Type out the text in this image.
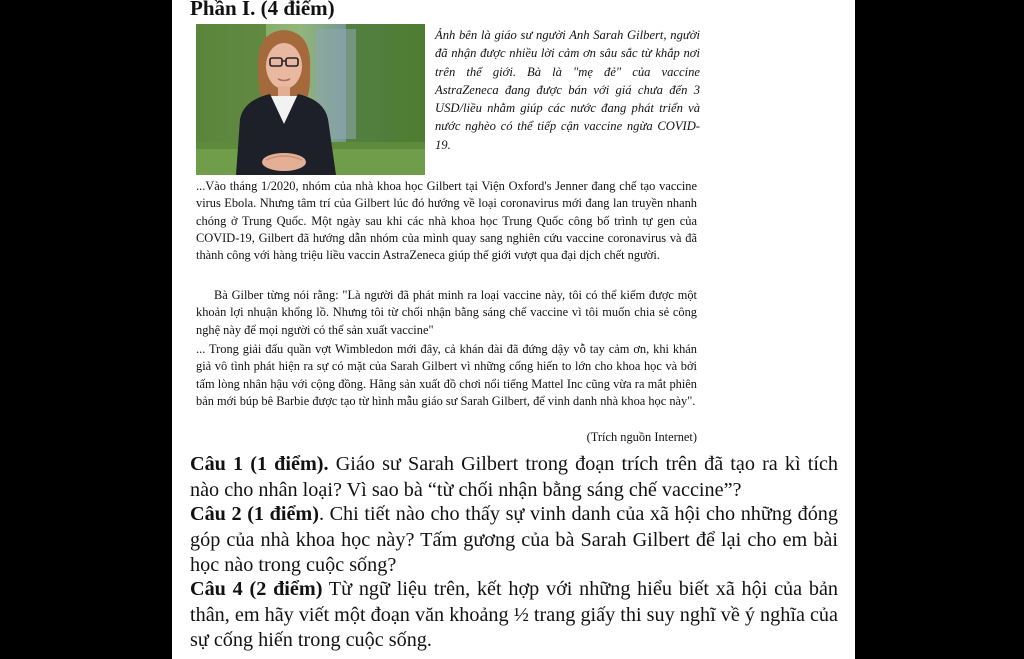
Phần I. (4 điểm)
Ảnh bên là giáo sư người Anh Sarah Gilbert, người đã nhận được nhiều lời cảm ơn sâu sắc từ khắp nơi trên thế giới. Bà là "mẹ đẻ" của vaccine AstraZeneca đang được bán với giá chưa đến 3 USD/liều nhằm giúp các nước đang phát triển và nước nghèo có thể tiếp cận vaccine ngừa COVID-19.
...Vào tháng 1/2020, nhóm của nhà khoa học Gilbert tại Viện Oxford's Jenner đang chế tạo vaccine virus Ebola. Nhưng tâm trí của Gilbert lúc đó hướng về loại coronavirus mới đang lan truyền nhanh chóng ở Trung Quốc. Một ngày sau khi các nhà khoa học Trung Quốc công bố trình tự gen của COVID-19, Gilbert đã hướng dẫn nhóm của mình quay sang nghiên cứu vaccine coronavirus và đã thành công với hàng triệu liều vaccin AstraZeneca giúp thế giới vượt qua đại dịch chết người.
Bà Gilber từng nói rằng: "Là người đã phát minh ra loại vaccine này, tôi có thể kiếm được một khoản lợi nhuận khổng lồ. Nhưng tôi từ chối nhận bằng sáng chế vaccine vì tôi muốn chia sẻ công nghệ này để mọi người có thể sản xuất vaccine"
... Trong giải đấu quần vợt Wimbledon mới đây, cả khán đài đã đứng dậy vỗ tay cảm ơn, khi khán giả vô tình phát hiện ra sự có mặt của Sarah Gilbert vì những cống hiến to lớn cho khoa học và bởi tấm lòng nhân hậu với cộng đồng. Hãng sản xuất đồ chơi nổi tiếng Mattel Inc cũng vừa ra mắt phiên bản mới búp bê Barbie được tạo từ hình mẫu giáo sư Sarah Gilbert, để vinh danh nhà khoa học này".
(Trích nguồn Internet)
Câu 1 (1 điểm). Giáo sư Sarah Gilbert trong đoạn trích trên đã tạo ra kì tích nào cho nhân loại? Vì sao bà “từ chối nhận bằng sáng chế vaccine”?
Câu 2 (1 điểm). Chi tiết nào cho thấy sự vinh danh của xã hội cho những đóng góp của nhà khoa học này? Tấm gương của bà Sarah Gilbert để lại cho em bài học nào trong cuộc sống?
Câu 4 (2 điểm) Từ ngữ liệu trên, kết hợp với những hiểu biết xã hội của bản thân, em hãy viết một đoạn văn khoảng ½ trang giấy thi suy nghĩ về ý nghĩa của sự cống hiến trong cuộc sống.
